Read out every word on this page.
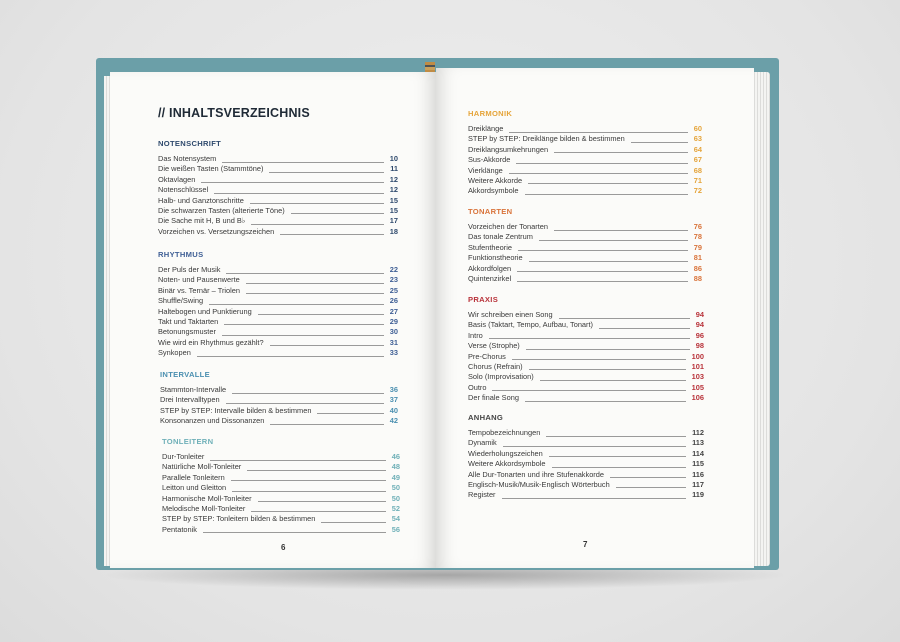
// INHALTSVERZEICHNIS
NOTENSCHRIFT
Das Notensystem	10
Die weißen Tasten (Stammtöne)	11
Oktavlagen	12
Notenschlüssel	12
Halb- und Ganztonschritte	15
Die schwarzen Tasten (alterierte Töne)	15
Die Sache mit H, B und B♭	17
Vorzeichen vs. Versetzungszeichen	18
RHYTHMUS
Der Puls der Musik	22
Noten- und Pausenwerte	23
Binär vs. Ternär – Triolen	25
Shuffle/Swing	26
Haltebogen und Punktierung	27
Takt und Taktarten	29
Betonungsmuster	30
Wie wird ein Rhythmus gezählt?	31
Synkopen	33
INTERVALLE
Stammton-Intervalle	36
Drei Intervalltypen	37
STEP by STEP: Intervalle bilden & bestimmen	40
Konsonanzen und Dissonanzen	42
TONLEITERN
Dur-Tonleiter	46
Natürliche Moll-Tonleiter	48
Parallele Tonleitern	49
Leitton und Gleitton	50
Harmonische Moll-Tonleiter	50
Melodische Moll-Tonleiter	52
STEP by STEP: Tonleitern bilden & bestimmen	54
Pentatonik	56
HARMONIK
Dreiklänge	60
STEP by STEP: Dreiklänge bilden & bestimmen	63
Dreiklangsumkehrungen	64
Sus-Akkorde	67
Vierklänge	68
Weitere Akkorde	71
Akkordsymbole	72
TONARTEN
Vorzeichen der Tonarten	76
Das tonale Zentrum	78
Stufentheorie	79
Funktionstheorie	81
Akkordfolgen	86
Quintenzirkel	88
PRAXIS
Wir schreiben einen Song	94
Basis (Taktart, Tempo, Aufbau, Tonart)	94
Intro	96
Verse (Strophe)	98
Pre-Chorus	100
Chorus (Refrain)	101
Solo (Improvisation)	103
Outro	105
Der finale Song	106
ANHANG
Tempobezeichnungen	112
Dynamik	113
Wiederholungszeichen	114
Weitere Akkordsymbole	115
Alle Dur-Tonarten und ihre Stufenakkorde	116
Englisch-Musik/Musik-Englisch Wörterbuch	117
Register	119
6	7
